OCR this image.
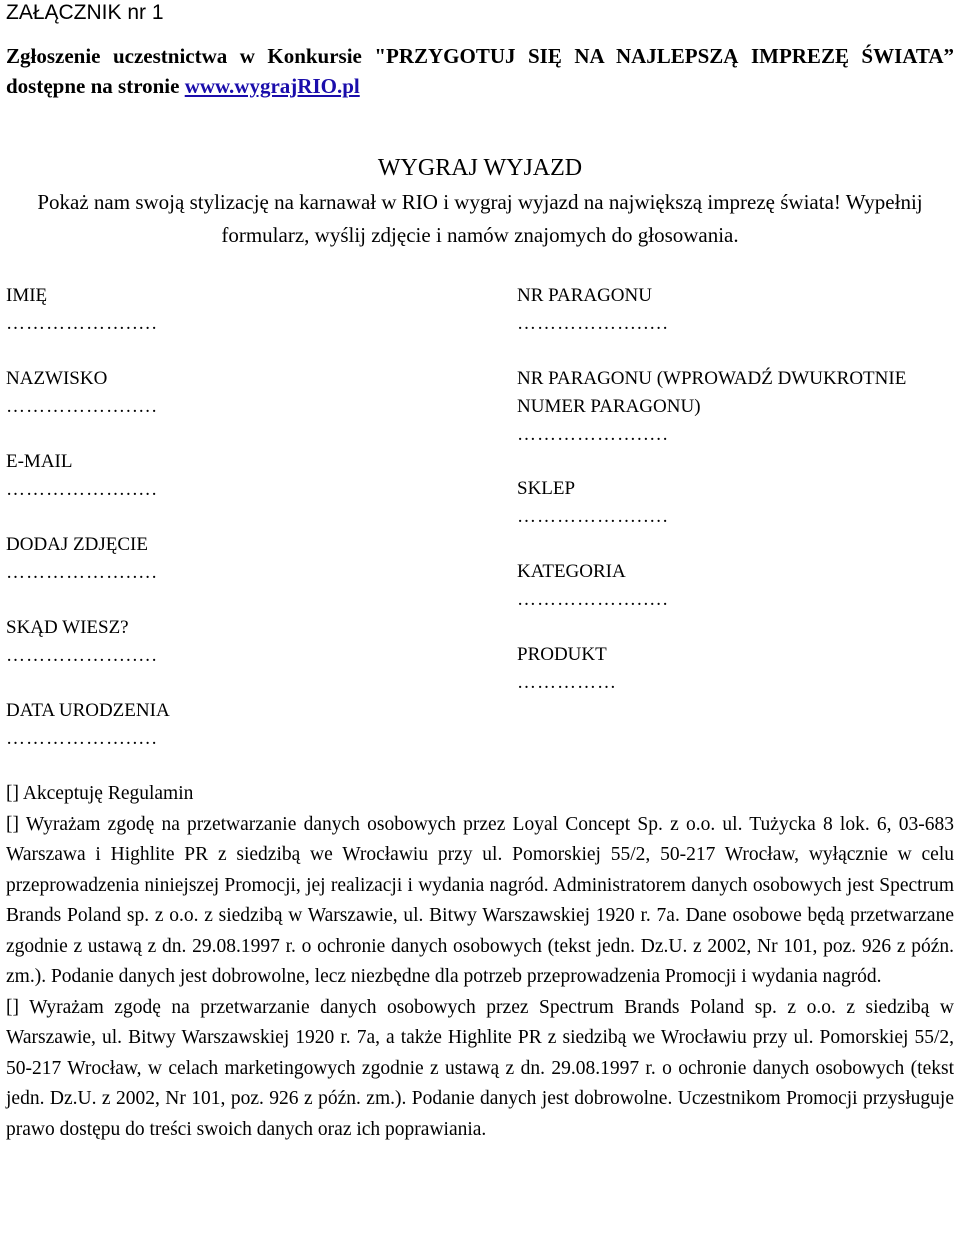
ZAŁĄCZNIK nr 1

Zgłoszenie uczestnictwa w Konkursie "PRZYGOTUJ SIĘ NA NAJLEPSZĄ IMPREZĘ ŚWIATA” dostępne na stronie www.wygrajRIO.pl

WYGRAJ WYJAZD

Pokaż nam swoją stylizację na karnawał w RIO i wygraj wyjazd na największą imprezę świata! Wypełnij formularz, wyślij zdjęcie i namów znajomych do głosowania.

IMIĘ
……………….….
NAZWISKO
……………….….
E-MAIL
……………….….
DODAJ ZDJĘCIE
……………….….
SKĄD WIESZ?
……………….….
DATA URODZENIA
……………….….
NR PARAGONU
……………….….
NR PARAGONU (WPROWADŹ DWUKROTNIE NUMER PARAGONU)
……………….….
SKLEP
……………….….
KATEGORIA
……………….….
PRODUKT
……………

[] Akceptuję Regulamin

[] Wyrażam zgodę na przetwarzanie danych osobowych przez Loyal Concept Sp. z o.o. ul. Tużycka 8 lok. 6, 03-683 Warszawa i Highlite PR z siedzibą we Wrocławiu przy ul. Pomorskiej 55/2, 50-217 Wrocław, wyłącznie w celu przeprowadzenia niniejszej Promocji, jej realizacji i wydania nagród. Administratorem danych osobowych jest Spectrum Brands Poland sp. z o.o. z siedzibą w Warszawie, ul. Bitwy Warszawskiej 1920 r. 7a. Dane osobowe będą przetwarzane zgodnie z ustawą z dn. 29.08.1997 r. o ochronie danych osobowych (tekst jedn. Dz.U. z 2002, Nr 101, poz. 926 z późn. zm.). Podanie danych jest dobrowolne, lecz niezbędne dla potrzeb przeprowadzenia Promocji i wydania nagród.

[] Wyrażam zgodę na przetwarzanie danych osobowych przez Spectrum Brands Poland sp. z o.o. z siedzibą w Warszawie, ul. Bitwy Warszawskiej 1920 r. 7a, a także Highlite PR z siedzibą we Wrocławiu przy ul. Pomorskiej 55/2, 50-217 Wrocław, w celach marketingowych zgodnie z ustawą z dn. 29.08.1997 r. o ochronie danych osobowych (tekst jedn. Dz.U. z 2002, Nr 101, poz. 926 z późn. zm.). Podanie danych jest dobrowolne. Uczestnikom Promocji przysługuje prawo dostępu do treści swoich danych oraz ich poprawiania.
